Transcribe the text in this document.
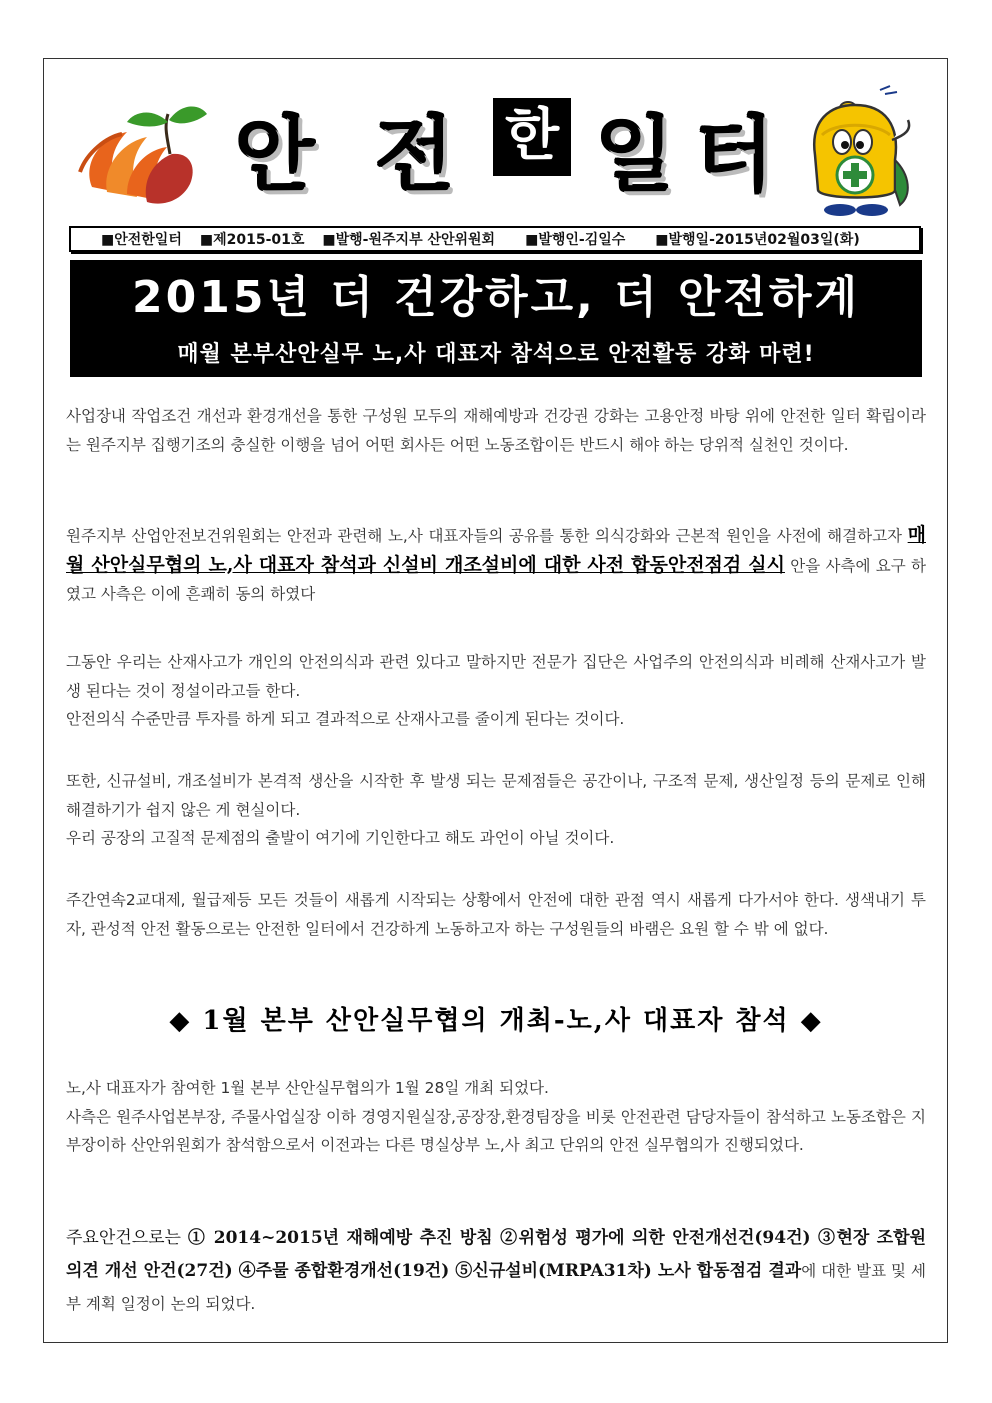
안 전 한 일 터
■안전한일터 ■제2015-01호 ■발행-원주지부 산안위원회 ■발행인-김일수 ■발행일-2015년02월03일(화)
2015년 더 건강하고, 더 안전하게
매월 본부산안실무 노,사 대표자 참석으로 안전활동 강화 마련!

사업장내 작업조건 개선과 환경개선을 통한 구성원 모두의 재해예방과 건강권 강화는 고용안정 바탕 위에 안전한 일터 확립이라는 원주지부 집행기조의 충실한 이행을 넘어 어떤 회사든 어떤 노동조합이든 반드시 해야 하는 당위적 실천인 것이다.

원주지부 산업안전보건위원회는 안전과 관련해 노,사 대표자들의 공유를 통한 의식강화와 근본적 원인을 사전에 해결하고자 매월 산안실무협의 노,사 대표자 참석과 신설비 개조설비에 대한 사전 합동안전점검 실시 안을 사측에 요구 하였고 사측은 이에 흔쾌히 동의 하였다

그동안 우리는 산재사고가 개인의 안전의식과 관련 있다고 말하지만 전문가 집단은 사업주의 안전의식과 비례해 산재사고가 발생 된다는 것이 정설이라고들 한다.

안전의식 수준만큼 투자를 하게 되고 결과적으로 산재사고를 줄이게 된다는 것이다.

또한, 신규설비, 개조설비가 본격적 생산을 시작한 후 발생 되는 문제점들은 공간이나, 구조적 문제, 생산일정 등의 문제로 인해 해결하기가 쉽지 않은 게 현실이다.

우리 공장의 고질적 문제점의 출발이 여기에 기인한다고 해도 과언이 아닐 것이다.

주간연속2교대제, 월급제등 모든 것들이 새롭게 시작되는 상황에서 안전에 대한 관점 역시 새롭게 다가서야 한다. 생색내기 투자, 관성적 안전 활동으로는 안전한 일터에서 건강하게 노동하고자 하는 구성원들의 바램은 요원 할 수 밖 에 없다.

◆ 1월 본부 산안실무협의 개최-노,사 대표자 참석 ◆

노,사 대표자가 참여한 1월 본부 산안실무협의가 1월 28일 개최 되었다.

사측은 원주사업본부장, 주물사업실장 이하 경영지원실장,공장장,환경팀장을 비롯 안전관련 담당자들이 참석하고 노동조합은 지부장이하 산안위원회가 참석함으로서 이전과는 다른 명실상부 노,사 최고 단위의 안전 실무협의가 진행되었다.

주요안건으로는 ① 2014~2015년 재해예방 추진 방침 ②위험성 평가에 의한 안전개선건(94건) ③현장 조합원 의견 개선 안건(27건) ④주물 종합환경개선(19건) ⑤신규설비(MRPA31차) 노사 합동점검 결과에 대한 발표 및 세부 계획 일정이 논의 되었다.
